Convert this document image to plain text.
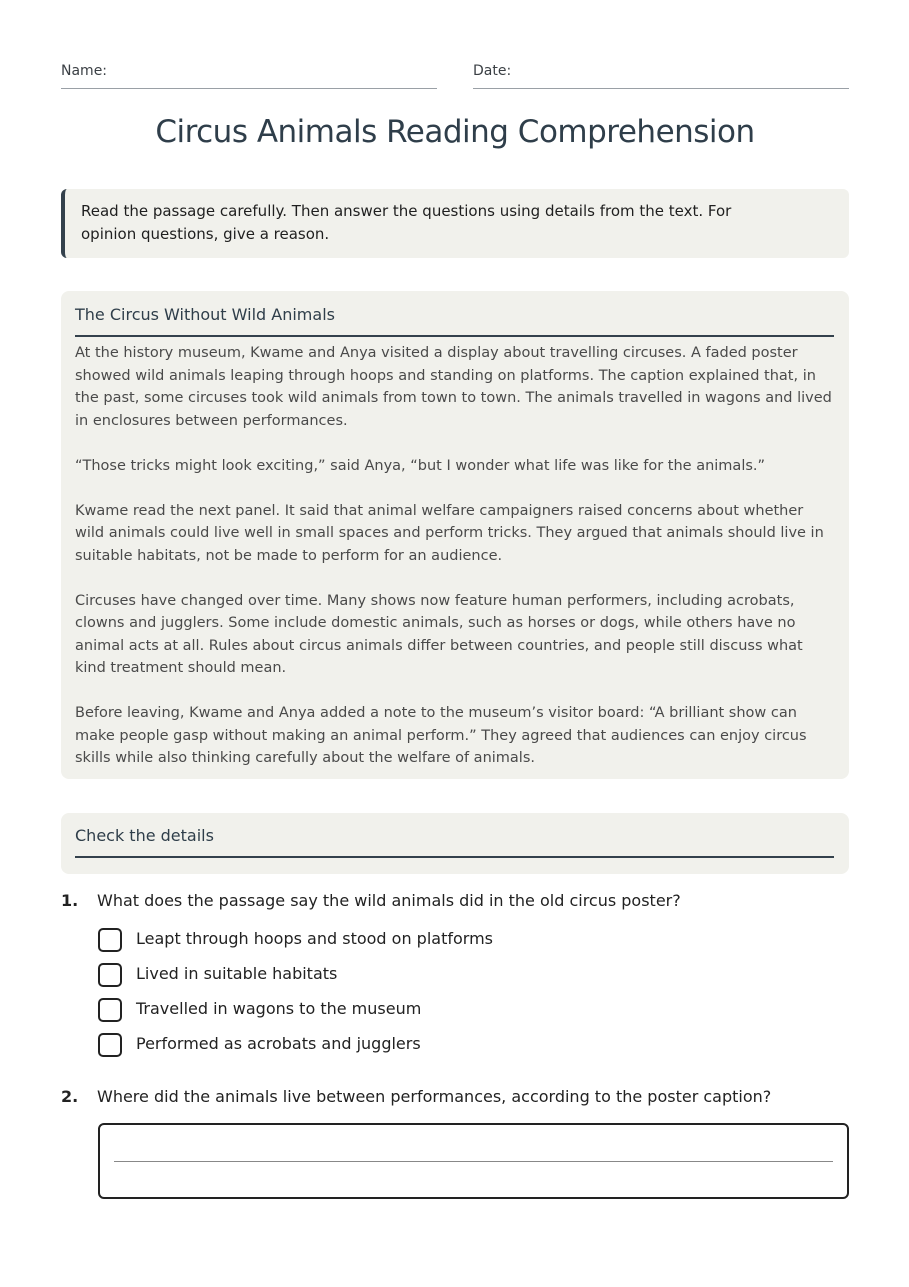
Name:	Date:
Circus Animals Reading Comprehension
Read the passage carefully. Then answer the questions using details from the text. For opinion questions, give a reason.
The Circus Without Wild Animals

At the history museum, Kwame and Anya visited a display about travelling circuses. A faded poster showed wild animals leaping through hoops and standing on platforms. The caption explained that, in the past, some circuses took wild animals from town to town. The animals travelled in wagons and lived in enclosures between performances.

“Those tricks might look exciting,” said Anya, “but I wonder what life was like for the animals.”

Kwame read the next panel. It said that animal welfare campaigners raised concerns about whether wild animals could live well in small spaces and perform tricks. They argued that animals should live in suitable habitats, not be made to perform for an audience.

Circuses have changed over time. Many shows now feature human performers, including acrobats, clowns and jugglers. Some include domestic animals, such as horses or dogs, while others have no animal acts at all. Rules about circus animals differ between countries, and people still discuss what kind treatment should mean.

Before leaving, Kwame and Anya added a note to the museum’s visitor board: “A brilliant show can make people gasp without making an animal perform.” They agreed that audiences can enjoy circus skills while also thinking carefully about the welfare of animals.

Check the details
1. What does the passage say the wild animals did in the old circus poster?
Leapt through hoops and stood on platforms
Lived in suitable habitats
Travelled in wagons to the museum
Performed as acrobats and jugglers
2. Where did the animals live between performances, according to the poster caption?
